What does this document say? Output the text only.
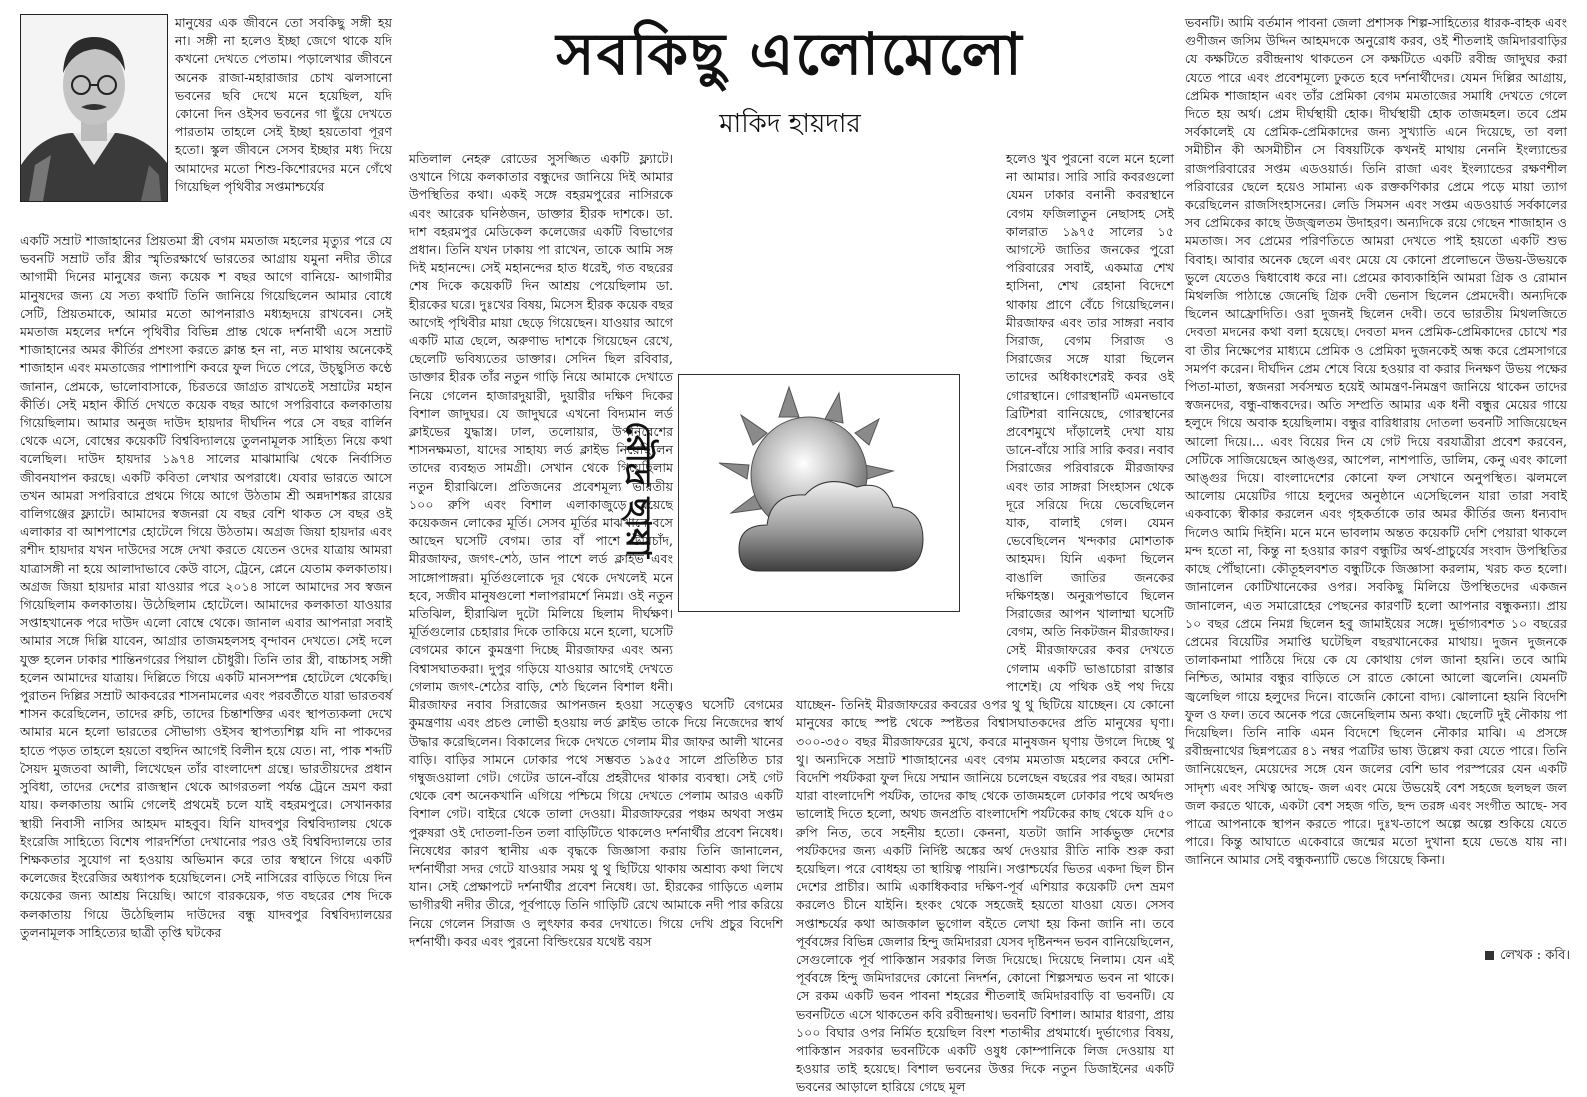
মানুষের এক জীবনে তো সবকিছু সঙ্গী হয় না। সঙ্গী না হলেও ইচ্ছা জেগে থাকে যদি কখনো দেখতে পেতাম। পড়ালেখার জীবনে অনেক রাজা-মহারাজার চোখ ঝলসানো ভবনের ছবি দেখে মনে হয়েছিল, যদি কোনো দিন ওইসব ভবনের গা ছুঁয়ে দেখতে পারতাম তাহলে সেই ইচ্ছা হয়তোবা পূরণ হতো। স্কুল জীবনে সেসব ইচ্ছার মধ্য দিয়ে আমাদের মতো শিশু-কিশোরদের মনে গেঁথে গিয়েছিল পৃথিবীর সপ্তমাশ্চর্যের

সবকিছু এলোমেলো
মাকিদ হায়দার

একটি সম্রাট শাজাহানের প্রিয়তমা স্ত্রী বেগম মমতাজ মহলের মৃত্যুর পরে যে ভবনটি সম্রাট তাঁর স্ত্রীর স্মৃতিরক্ষার্থে ভারতের আগ্রায় যমুনা নদীর তীরে আগামী দিনের মানুষের জন্য কয়েক শ বছর আগে বানিয়ে- আগামীর মানুষদের জন্য যে সত্য কথাটি তিনি জানিয়ে গিয়েছিলেন আমার বোধে সেটি, প্রিয়তমাকে, আমার মতো আপনারাও মধ্যহৃদয়ে রাখবেন। সেই মমতাজ মহলের দর্শনে পৃথিবীর বিভিন্ন প্রান্ত থেকে দর্শনার্থী এসে সম্রাট শাজাহানের অমর কীর্তির প্রশংসা করতে ক্লান্ত হন না, নত মাথায় অনেকেই শাজাহান এবং মমতাজের পাশাপাশি কবরে ফুল দিতে পেরে, উচ্ছ্বসিত কণ্ঠে জানান, প্রেমকে, ভালোবাসাকে, চিরতরে জাগ্রত রাখতেই সম্রাটের মহান কীর্তি। সেই মহান কীর্তি দেখতে কয়েক বছর আগে সপরিবারে কলকাতায় গিয়েছিলাম। আমার অনুজ দাউদ হায়দার দীর্ঘদিন পরে সে বছর বার্লিন থেকে এসে, বোম্বের কয়েকটি বিশ্ববিদ্যালয়ে তুলনামূলক সাহিত্য নিয়ে কথা বলেছিল। দাউদ হায়দার ১৯৭৪ সালের মাঝামাঝি থেকে নির্বাসিত জীবনযাপন করছে। একটি কবিতা লেখার অপরাধে। যেবার ভারতে আসে তখন আমরা সপরিবারে প্রথমে গিয়ে আগে উঠতাম শ্রী অন্নদাশঙ্কর রায়ের বালিগঞ্জের ফ্ল্যাটে। আমাদের স্বজনরা যে বছর বেশি থাকত সে বছর ওই এলাকার বা আশপাশের হোটেলে গিয়ে উঠতাম। অগ্রজ জিয়া হায়দার এবং রশীদ হায়দার যখন দাউদের সঙ্গে দেখা করতে যেতেন ওদের যাত্রায় আমরা যাত্রাসঙ্গী না হয়ে আলাদাভাবে কেউ বাসে, ট্রেনে, প্লেনে যেতাম কলকাতায়। অগ্রজ জিয়া হায়দার মারা যাওয়ার পরে ২০১৪ সালে আমাদের সব স্বজন গিয়েছিলাম কলকাতায়। উঠেছিলাম হোটেলে। আমাদের কলকাতা যাওয়ার সপ্তাহখানেক পরে দাউদ এলো বোম্বে থেকে। জানাল এবার আপনারা সবাই আমার সঙ্গে দিল্লি যাবেন, আগ্রার তাজমহলসহ বৃন্দাবন দেখতে। সেই দলে যুক্ত হলেন ঢাকার শান্তিনগরের পিয়াল চৌধুরী। তিনি তার স্ত্রী, বাচ্চাসহ সঙ্গী হলেন আমাদের যাত্রায়। দিল্লিতে গিয়ে একটি মানসম্পন্ন হোটেলে থেকেছি। পুরাতন দিল্লির সম্রাট আকবরের শাসনামলের এবং পরবর্তীতে যারা ভারতবর্ষ শাসন করেছিলেন, তাদের রুচি, তাদের চিন্তাশক্তির এবং স্থাপত্যকলা দেখে আমার মনে হলো ভারতের সৌভাগ্য ওইসব স্থাপত্যশিল্প যদি না পাকদের হাতে পড়ত তাহলে হয়তো বহুদিন আগেই বিলীন হয়ে যেত। না, পাক শব্দটি সৈয়দ মুজতবা আলী, লিখেছেন তাঁর বাংলাদেশ গ্রন্থে। ভারতীয়দের প্রধান সুবিধা, তাদের দেশের রাজস্থান থেকে আগরতলা পর্যন্ত ট্রেনে ভ্রমণ করা যায়। কলকাতায় আমি গেলেই প্রথমেই চলে যাই বহরমপুরে। সেখানকার স্থায়ী নিবাসী নাসির আহমদ মাহবুব। যিনি যাদবপুর বিশ্ববিদ্যালয় থেকে ইংরেজি সাহিত্যে বিশেষ পারদর্শিতা দেখানোর পরও ওই বিশ্ববিদ্যালয়ে তার শিক্ষকতার সুযোগ না হওয়ায় অভিমান করে তার স্বস্থানে গিয়ে একটি কলেজের ইংরেজির অধ্যাপক হয়েছিলেন। সেই নাসিরের বাড়িতে গিয়ে দিন কয়েকের জন্য আশ্রয় নিয়েছি। আগে বারকয়েক, গত বছরের শেষ দিকে কলকাতায় গিয়ে উঠেছিলাম দাউদের বন্ধু যাদবপুর বিশ্ববিদ্যালয়ের তুলনামূলক সাহিত্যের ছাত্রী তৃপ্তি ঘটকের

মতিলাল নেহরু রোডের সুসজ্জিত একটি ফ্ল্যাটে। ওখানে গিয়ে কলকাতার বন্ধুদের জানিয়ে দিই আমার উপস্থিতির কথা। একই সঙ্গে বহরমপুরের নাসিরকে এবং আরেক ঘনিষ্ঠজন, ডাক্তার হীরক দাশকে। ডা. দাশ বহরমপুর মেডিকেল কলেজের একটি বিভাগের প্রধান। তিনি যখন ঢাকায় পা রাখেন, তাকে আমি সঙ্গ দিই মহানন্দে। সেই মহানন্দের হাত ধরেই, গত বছরের শেষ দিকে কয়েকটি দিন আশ্রয় পেয়েছিলাম ডা. হীরকের ঘরে। দুঃখের বিষয়, মিসেস হীরক কয়েক বছর আগেই পৃথিবীর মায়া ছেড়ে গিয়েছেন। যাওয়ার আগে একটি মাত্র ছেলে, অরুণাভ দাশকে গিয়েছেন রেখে, ছেলেটি ভবিষ্যতের ডাক্তার। সেদিন ছিল রবিবার, ডাক্তার হীরক তাঁর নতুন গাড়ি নিয়ে আমাকে দেখাতে নিয়ে গেলেন হাজারদুয়ারী, দুয়ারীর দক্ষিণ দিকের বিশাল জাদুঘর। যে জাদুঘরে এখনো বিদ্যমান লর্ড ক্লাইভের যুদ্ধাস্ত্র। ঢাল, তলোয়ার, উপনিবেশের শাসনক্ষমতা, যাদের সাহায্য লর্ড ক্লাইভ নিয়েছিলেন তাদের ব্যবহৃত সামগ্রী। সেখান থেকে গিয়েছিলাম নতুন হীরাঝিলে। প্রতিজনের প্রবেশমূল্য ভারতীয় ১০০ রুপি এবং বিশাল এলাকাজুড়ে রয়েছে কয়েকজন লোকের মূর্তি। সেসব মূর্তির মাঝখানে বসে আছেন ঘসেটি বেগম। তার বাঁ পাশে উমিচাঁদ, মীরজাফর, জগৎ-শেঠ, ডান পাশে লর্ড ক্লাইভ এবং সাঙ্গোপাঙ্গরা। মূর্তিগুলোকে দূর থেকে দেখলেই মনে হবে, সজীব মানুষগুলো শলাপরামর্শে নিমগ্ন। ওই নতুন মতিঝিল, হীরাঝিল দুটো মিলিয়ে ছিলাম দীর্ঘক্ষণ। মূর্তিগুলোর চেহারার দিকে তাকিয়ে মনে হলো, ঘসেটি বেগমের কানে কুমন্ত্রণা দিচ্ছে মীরজাফর এবং অন্য বিশ্বাসঘাতকরা। দুপুর গড়িয়ে যাওয়ার আগেই দেখতে গেলাম জগৎ-শেঠের বাড়ি, শেঠ ছিলেন বিশাল ধনী। মীরজাফর নবাব সিরাজের আপনজন হওয়া সত্ত্বেও ঘসেটি বেগমের কুমন্ত্রণায় এবং প্রচণ্ড লোভী হওয়ায় লর্ড ক্লাইভ তাকে দিয়ে নিজেদের স্বার্থ উদ্ধার করেছিলেন। বিকালের দিকে দেখতে গেলাম মীর জাফর আলী খানের বাড়ি। বাড়ির সামনে ঢোকার পথে সম্ভবত ১৯৫৫ সালে প্রতিষ্ঠিত চার গম্বুজওয়ালা গেট। গেটের ডানে-বাঁয়ে প্রহরীদের থাকার ব্যবস্থা। সেই গেট থেকে বেশ অনেকখানি এগিয়ে পশ্চিমে গিয়ে দেখতে পেলাম আরও একটি বিশাল গেট। বাইরে থেকে তালা দেওয়া। মীরজাফরের পঞ্চম অথবা সপ্তম পুরুষরা ওই দোতলা-তিন তলা বাড়িটিতে থাকলেও দর্শনার্থীর প্রবেশ নিষেধ। নিষেধের কারণ স্থানীয় এক বৃদ্ধকে জিজ্ঞাসা করায় তিনি জানালেন, দর্শনার্থীরা সদর গেটে যাওয়ার সময় থু থু ছিটিয়ে থাকায় অশ্রাব্য কথা লিখে যান। সেই প্রেক্ষাপটে দর্শনার্থীর প্রবেশ নিষেধ। ডা. হীরকের গাড়িতে এলাম ভাগীরথী নদীর তীরে, পূর্বপাড়ে তিনি গাড়িটি রেখে আমাকে নদী পার করিয়ে নিয়ে গেলেন সিরাজ ও লুৎফার কবর দেখাতে। গিয়ে দেখি প্রচুর বিদেশি দর্শনার্থী। কবর এবং পুরনো বিল্ডিংয়ের যথেষ্ট বয়স

হলেও খুব পুরনো বলে মনে হলো না আমার। সারি সারি কবরগুলো যেমন ঢাকার বনানী কবরস্থানে বেগম ফজিলাতুন নেছাসহ সেই কালরাত ১৯৭৫ সালের ১৫ আগস্টে জাতির জনকের পুরো পরিবারের সবাই, একমাত্র শেখ হাসিনা, শেখ রেহানা বিদেশে থাকায় প্রাণে বেঁচে গিয়েছিলেন। মীরজাফর এবং তার সাঙ্গরা নবাব সিরাজ, বেগম সিরাজ ও সিরাজের সঙ্গে যারা ছিলেন তাদের অধিকাংশেরই কবর ওই গোরস্থানে। গোরস্থানটি এমনভাবে ব্রিটিশরা বানিয়েছে, গোরস্থানের প্রবেশমুখে দাঁড়ালেই দেখা যায় ডানে-বাঁয়ে সারি সারি কবর। নবাব সিরাজের পরিবারকে মীরজাফর এবং তার সাঙ্গরা সিংহাসন থেকে দূরে সরিয়ে দিয়ে ভেবেছিলেন যাক, বালাই গেল। যেমন ভেবেছিলেন খন্দকার মোশতাক আহমদ। যিনি একদা ছিলেন বাঙালি জাতির জনকের দক্ষিণহস্ত। অনুরূপভাবে ছিলেন সিরাজের আপন খালাম্মা ঘসেটি বেগম, অতি নিকটজন মীরজাফর। সেই মীরজাফরের কবর দেখতে গেলাম একটি ভাঙাচোরা রাস্তার পাশেই। যে পথিক ওই পথ দিয়ে যাচ্ছেন- তিনিই মীরজাফরের কবরের ওপর থু থু ছিটিয়ে যাচ্ছেন। যে কোনো মানুষের কাছে স্পষ্ট থেকে স্পষ্টতর বিশ্বাসঘাতকদের প্রতি মানুষের ঘৃণা। ৩০০-৩৫০ বছর মীরজাফরের মুখে, কবরে মানুষজন ঘৃণায় উগলে দিচ্ছে থু থু। অন্যদিকে সম্রাট শাজাহানের এবং বেগম মমতাজ মহলের কবরে দেশি-বিদেশি পর্যটকরা ফুল দিয়ে সম্মান জানিয়ে চলেছেন বছরের পর বছর। আমরা যারা বাংলাদেশি পর্যটক, তাদের কাছ থেকে তাজমহলে ঢোকার পথে অর্থদণ্ড ভালোই দিতে হলো, অথচ জনপ্রতি বাংলাদেশি পর্যটকের কাছ থেকে যদি ৫০ রুপি নিত, তবে সহনীয় হতো। কেননা, যতটা জানি সার্কভুক্ত দেশের পর্যটকদের জন্য একটি নির্দিষ্ট অঙ্কের অর্থ দেওয়ার রীতি নাকি শুরু করা হয়েছিল। পরে বোধহয় তা স্থায়িত্ব পায়নি। সপ্তাশ্চর্যের ভিতর একদা ছিল চীন দেশের প্রাচীর। আমি একাধিকবার দক্ষিণ-পূর্ব এশিয়ার কয়েকটি দেশ ভ্রমণ করলেও চীনে যাইনি। হংকং থেকে সহজেই হয়তো যাওয়া যেত। সেসব সপ্তাশ্চর্যের কথা আজকাল ভুগোল বইতে লেখা হয় কিনা জানি না। তবে পূর্ববঙ্গের বিভিন্ন জেলার হিন্দু জমিদাররা যেসব দৃষ্টিনন্দন ভবন বানিয়েছিলেন, সেগুলোকে পূর্ব পাকিস্তান সরকার লিজ দিয়েছে। দিয়েছে নিলাম। যেন এই পূর্ববঙ্গে হিন্দু জমিদারদের কোনো নিদর্শন, কোনো শিল্পসম্মত ভবন না থাকে। সে রকম একটি ভবন পাবনা শহরের শীতলাই জমিদারবাড়ি বা ভবনটি। যে ভবনটিতে এসে থাকতেন কবি রবীন্দ্রনাথ। ভবনটি বিশাল। আমার ধারণা, প্রায় ১০০ বিঘার ওপর নির্মিত হয়েছিল বিংশ শতাব্দীর প্রথমার্ধে। দুর্ভাগ্যের বিষয়, পাকিস্তান সরকার ভবনটিকে একটি ওষুধ কোম্পানিকে লিজ দেওয়ায় যা হওয়ার তাই হয়েছে। বিশাল ভবনের উত্তর দিকে নতুন ডিজাইনের একটি ভবনের আড়ালে হারিয়ে গেছে মূল

রৌদ্র ছায়া

ভবনটি। আমি বর্তমান পাবনা জেলা প্রশাসক শিল্প-সাহিত্যের ধারক-বাহক এবং গুণীজন জসিম উদ্দিন আহমদকে অনুরোধ করব, ওই শীতলাই জমিদারবাড়ির যে কক্ষটিতে রবীন্দ্রনাথ থাকতেন সে কক্ষটিতে একটি রবীন্দ্র জাদুঘর করা যেতে পারে এবং প্রবেশমূল্যে ঢুকতে হবে দর্শনার্থীদের। যেমন দিল্লির আগ্রায়, প্রেমিক শাজাহান এবং তাঁর প্রেমিকা বেগম মমতাজের সমাধি দেখতে গেলে দিতে হয় অর্থ। প্রেম দীর্ঘস্থায়ী হোক। দীর্ঘস্থায়ী হোক তাজমহল। তবে প্রেম সর্বকালেই যে প্রেমিক-প্রেমিকাদের জন্য সুখ্যাতি এনে দিয়েছে, তা বলা সমীচীন কী অসমীচীন সে বিষয়টিকে কখনই মাথায় নেননি ইংল্যান্ডের রাজপরিবারের সপ্তম এডওয়ার্ড। তিনি রাজা এবং ইংল্যান্ডের রক্ষণশীল পরিবারের ছেলে হয়েও সামান্য এক রক্তকণিকার প্রেমে পড়ে মায়া ত্যাগ করেছিলেন রাজসিংহাসনের। লেডি সিমসন এবং সপ্তম এডওয়ার্ড সর্বকালের সব প্রেমিকের কাছে উজ্জ্বলতম উদাহরণ। অন্যদিকে রয়ে গেছেন শাজাহান ও মমতাজ। সব প্রেমের পরিণতিতে আমরা দেখতে পাই হয়তো একটি শুভ বিবাহ। আবার অনেক ছেলে এবং মেয়ে যে কোনো প্রলোভনে উভয়-উভয়কে ভুলে যেতেও দ্বিধাবোধ করে না। প্রেমের কাব্যকাহিনি আমরা গ্রিক ও রোমান মিথলজি পাঠান্তে জেনেছি গ্রিক দেবী ভেনাস ছিলেন প্রেমদেবী। অন্যদিকে ছিলেন আফ্রোদিতি। ওরা দুজনই ছিলেন দেবী। তবে ভারতীয় মিথলজিতে দেবতা মদনের কথা বলা হয়েছে। দেবতা মদন প্রেমিক-প্রেমিকাদের চোখে শর বা তীর নিক্ষেপের মাধ্যমে প্রেমিক ও প্রেমিকা দুজনকেই অন্ধ করে প্রেমসাগরে সমর্পণ করেন। দীর্ঘদিন প্রেম শেষে বিয়ে হওয়ার বা করার দিনক্ষণ উভয় পক্ষের পিতা-মাতা, স্বজনরা সর্বসম্মত হয়েই আমন্ত্রণ-নিমন্ত্রণ জানিয়ে থাকেন তাদের স্বজনদের, বন্ধু-বান্ধবদের। অতি সম্প্রতি আমার এক ধনী বন্ধুর মেয়ের গায়ে হলুদে গিয়ে অবাক হয়েছিলাম। বন্ধুর বারিধারায় দোতলা ভবনটি সাজিয়েছেন আলো দিয়ে।... এবং বিয়ের দিন যে গেট দিয়ে বরযাত্রীরা প্রবেশ করবেন, সেটিকে সাজিয়েছেন আঙ্গুর, আপেল, নাশপাতি, ডালিম, কেনু এবং কালো আঙ্গুর দিয়ে। বাংলাদেশের কোনো ফল সেখানে অনুপস্থিত। ঝলমলে আলোয় মেয়েটির গায়ে হলুদের অনুষ্ঠানে এসেছিলেন যারা তারা সবাই একবাক্যে স্বীকার করলেন এবং গৃহকর্তাকে তার অমর কীর্তির জন্য ধন্যবাদ দিলেও আমি দিইনি। মনে মনে ভাবলাম অন্তত কয়েকটি দেশি পেয়ারা থাকলে মন্দ হতো না, কিন্তু না হওয়ার কারণ বন্ধুটির অর্থ-প্রাচুর্যের সংবাদ উপস্থিতির কাছে পৌঁছানো। কৌতূহলবশত বন্ধুটিকে জিজ্ঞাসা করলাম, খরচ কত হলো। জানালেন কোটিখানেকের ওপর। সবকিছু মিলিয়ে উপস্থিতদের একজন জানালেন, এত সমারোহের পেছনের কারণটি হলো আপনার বন্ধুকন্যা। প্রায় ১০ বছর প্রেমে নিমগ্ন ছিলেন হবু জামাইয়ের সঙ্গে। দুর্ভাগ্যবশত ১০ বছরের প্রেমের বিয়েটির সমাপ্তি ঘটেছিল বছরখানেকের মাথায়। দুজন দুজনকে তালাকনামা পাঠিয়ে দিয়ে কে যে কোথায় গেল জানা হয়নি। তবে আমি নিশ্চিত, আমার বন্ধুর বাড়িতে সে রাতে কোনো আলো জ্বলেনি। যেমনটি জ্বলেছিল গায়ে হলুদের দিনে। বাজেনি কোনো বাদ্য। ঝোলানো হয়নি বিদেশি ফুল ও ফল। তবে অনেক পরে জেনেছিলাম অন্য কথা। ছেলেটি দুই নৌকায় পা দিয়েছিল। তিনি নাকি এমন বিদেশে ছিলেন নৌকার মাঝি। এ প্রসঙ্গে রবীন্দ্রনাথের ছিন্নপত্রের ৪১ নম্বর পত্রটির ভাষ্য উল্লেখ করা যেতে পারে। তিনি জানিয়েছেন, মেয়েদের সঙ্গে যেন জলের বেশি ভাব পরস্পরের যেন একটি সাদৃশ্য এবং সখিত্ব আছে- জল এবং মেয়ে উভয়েই বেশ সহজে ছলছল জল জল করতে থাকে, একটা বেশ সহজ গতি, ছন্দ তরঙ্গ এবং সংগীত আছে- সব পাত্রে আপনাকে স্থাপন করতে পারে। দুঃখ-তাপে অল্পে অল্পে শুকিয়ে যেতে পারে। কিন্তু আঘাতে একেবারে জন্মের মতো দুখানা হয়ে ভেঙে যায় না। জানিনে আমার সেই বন্ধুকন্যাটি ভেঙে গিয়েছে কিনা।

লেখক : কবি।
